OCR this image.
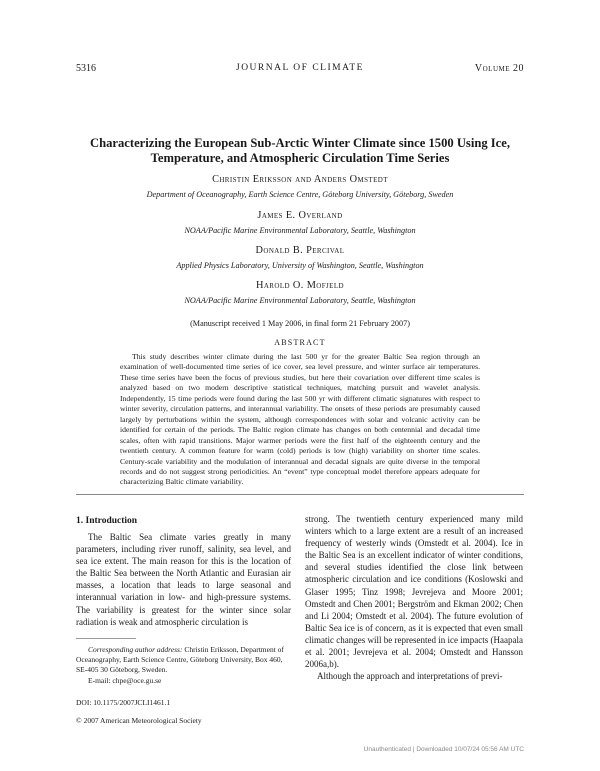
5316	JOURNAL OF CLIMATE	Volume 20
Characterizing the European Sub-Arctic Winter Climate since 1500 Using Ice, Temperature, and Atmospheric Circulation Time Series
Christin Eriksson and Anders Omstedt
Department of Oceanography, Earth Science Centre, Göteborg University, Göteborg, Sweden
James E. Overland
NOAA/Pacific Marine Environmental Laboratory, Seattle, Washington
Donald B. Percival
Applied Physics Laboratory, University of Washington, Seattle, Washington
Harold O. Mofjeld
NOAA/Pacific Marine Environmental Laboratory, Seattle, Washington
(Manuscript received 1 May 2006, in final form 21 February 2007)
ABSTRACT
This study describes winter climate during the last 500 yr for the greater Baltic Sea region through an examination of well-documented time series of ice cover, sea level pressure, and winter surface air temperatures. These time series have been the focus of previous studies, but here their covariation over different time scales is analyzed based on two modern descriptive statistical techniques, matching pursuit and wavelet analysis. Independently, 15 time periods were found during the last 500 yr with different climatic signatures with respect to winter severity, circulation patterns, and interannual variability. The onsets of these periods are presumably caused largely by perturbations within the system, although correspondences with solar and volcanic activity can be identified for certain of the periods. The Baltic region climate has changes on both centennial and decadal time scales, often with rapid transitions. Major warmer periods were the first half of the eighteenth century and the twentieth century. A common feature for warm (cold) periods is low (high) variability on shorter time scales. Century-scale variability and the modulation of interannual and decadal signals are quite diverse in the temporal records and do not suggest strong periodicities. An “event” type conceptual model therefore appears adequate for characterizing Baltic climate variability.
1. Introduction

The Baltic Sea climate varies greatly in many parameters, including river runoff, salinity, sea level, and sea ice extent. The main reason for this is the location of the Baltic Sea between the North Atlantic and Eurasian air masses, a location that leads to large seasonal and interannual variation in low- and high-pressure systems. The variability is greatest for the winter since solar radiation is weak and atmospheric circulation is

Corresponding author address: Christin Eriksson, Department of Oceanography, Earth Science Centre, Göteborg University, Box 460, SE-405 30 Göteborg, Sweden.
E-mail: chpe@oce.gu.se
DOI: 10.1175/2007JCLI1461.1
© 2007 American Meteorological Society

strong. The twentieth century experienced many mild winters which to a large extent are a result of an increased frequency of westerly winds (Omstedt et al. 2004). Ice in the Baltic Sea is an excellent indicator of winter conditions, and several studies identified the close link between atmospheric circulation and ice conditions (Koslowski and Glaser 1995; Tinz 1998; Jevrejeva and Moore 2001; Omstedt and Chen 2001; Bergström and Ekman 2002; Chen and Li 2004; Omstedt et al. 2004). The future evolution of Baltic Sea ice is of concern, as it is expected that even small climatic changes will be represented in ice impacts (Haapala et al. 2001; Jevrejeva et al. 2004; Omstedt and Hansson 2006a,b).

Although the approach and interpretations of previ-

Unauthenticated | Downloaded 10/07/24 05:56 AM UTC
